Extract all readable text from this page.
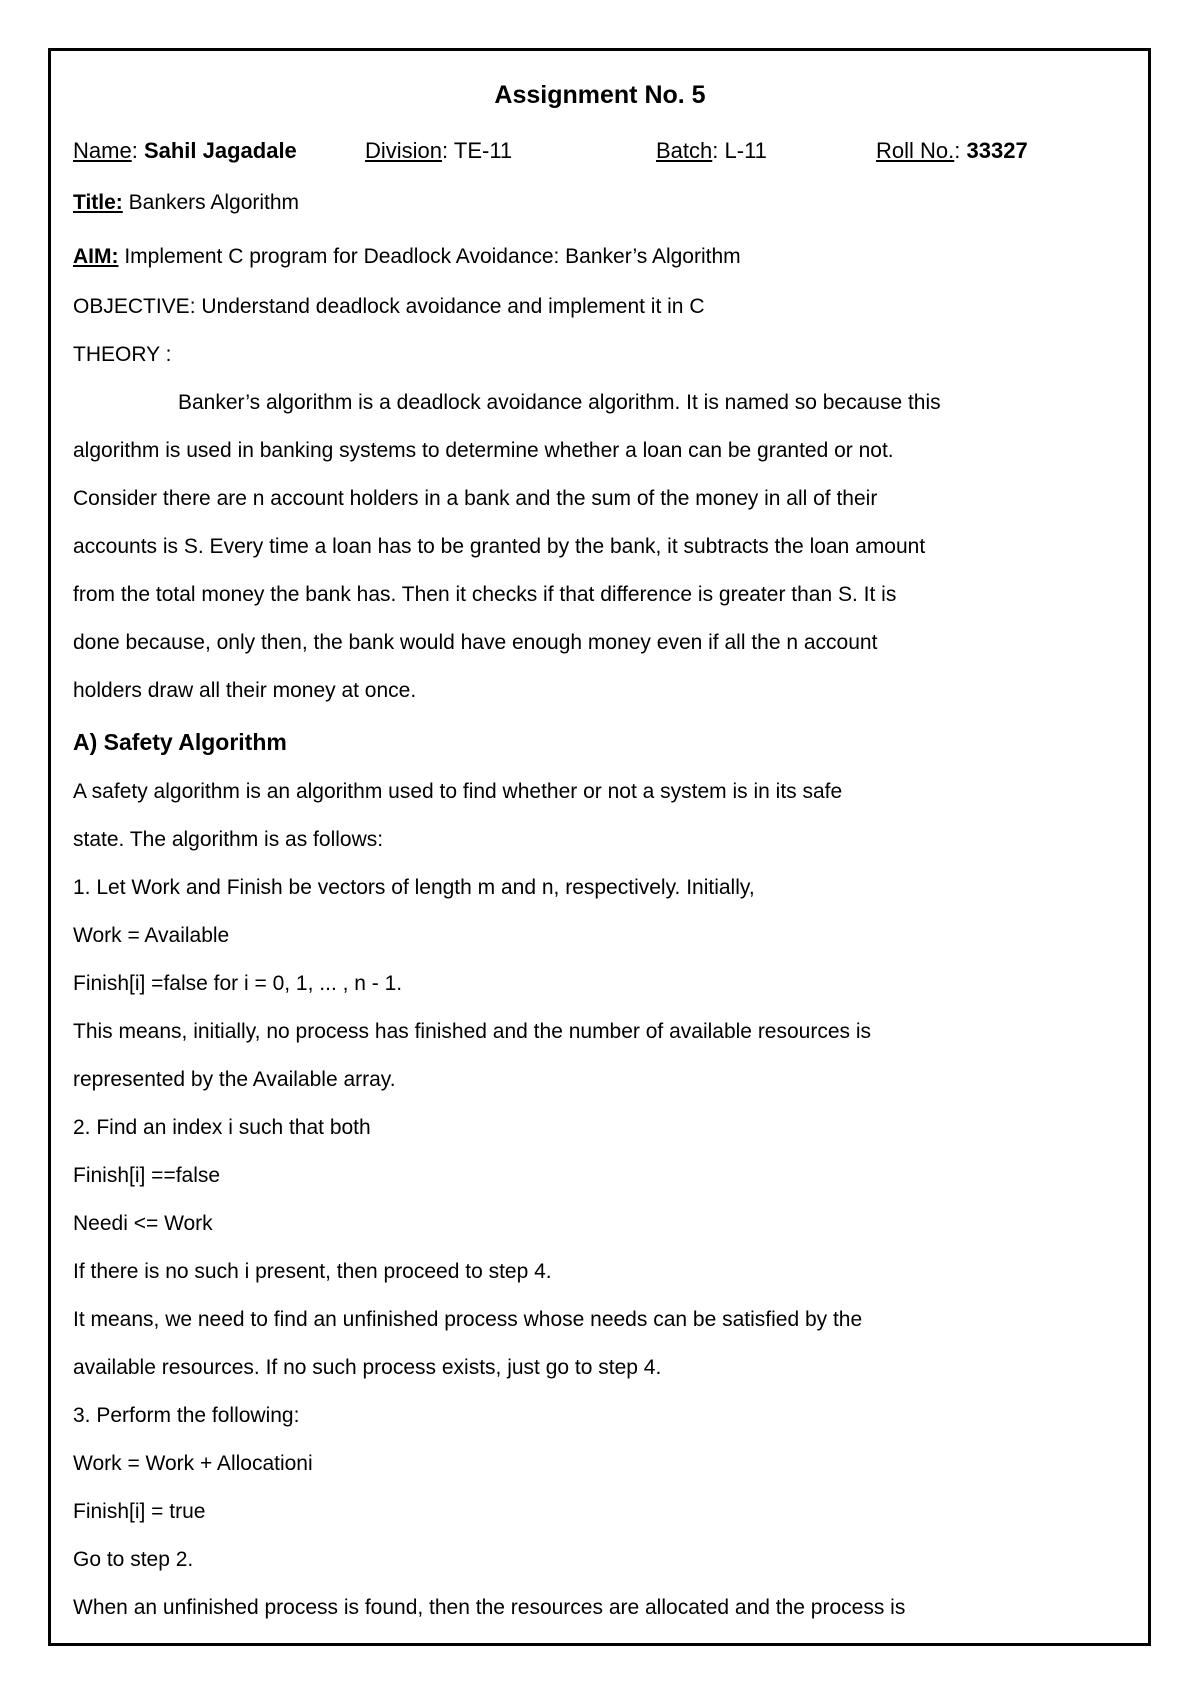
Assignment No. 5
Name: Sahil Jagadale	Division: TE-11	Batch: L-11	Roll No.: 33327
Title: Bankers Algorithm
AIM: Implement C program for Deadlock Avoidance: Banker’s Algorithm
OBJECTIVE: Understand deadlock avoidance and implement it in C
THEORY :
Banker’s algorithm is a deadlock avoidance algorithm. It is named so because this
algorithm is used in banking systems to determine whether a loan can be granted or not.
Consider there are n account holders in a bank and the sum of the money in all of their
accounts is S. Every time a loan has to be granted by the bank, it subtracts the loan amount
from the total money the bank has. Then it checks if that difference is greater than S. It is
done because, only then, the bank would have enough money even if all the n account
holders draw all their money at once.
A) Safety Algorithm
A safety algorithm is an algorithm used to find whether or not a system is in its safe
state. The algorithm is as follows:
1. Let Work and Finish be vectors of length m and n, respectively. Initially,
Work = Available
Finish[i] =false for i = 0, 1, ... , n - 1.
This means, initially, no process has finished and the number of available resources is
represented by the Available array.
2. Find an index i such that both
Finish[i] ==false
Needi <= Work
If there is no such i present, then proceed to step 4.
It means, we need to find an unfinished process whose needs can be satisfied by the
available resources. If no such process exists, just go to step 4.
3. Perform the following:
Work = Work + Allocationi
Finish[i] = true
Go to step 2.
When an unfinished process is found, then the resources are allocated and the process is
